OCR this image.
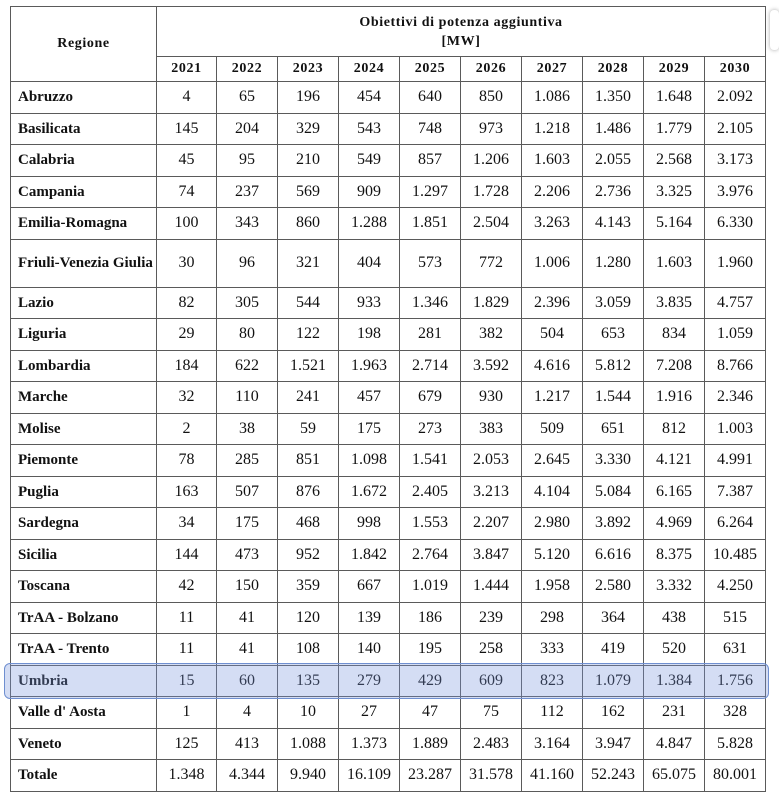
Regione	Obiettivi di potenza aggiuntiva
[MW]									

	2021	2022	2023	2024	2025	2026	2027	2028	2029	2030
Abruzzo	4	65	196	454	640	850	1.086	1.350	1.648	2.092
Basilicata	145	204	329	543	748	973	1.218	1.486	1.779	2.105
Calabria	45	95	210	549	857	1.206	1.603	2.055	2.568	3.173
Campania	74	237	569	909	1.297	1.728	2.206	2.736	3.325	3.976
Emilia-Romagna	100	343	860	1.288	1.851	2.504	3.263	4.143	5.164	6.330
Friuli-Venezia Giulia	30	96	321	404	573	772	1.006	1.280	1.603	1.960
Lazio	82	305	544	933	1.346	1.829	2.396	3.059	3.835	4.757
Liguria	29	80	122	198	281	382	504	653	834	1.059
Lombardia	184	622	1.521	1.963	2.714	3.592	4.616	5.812	7.208	8.766
Marche	32	110	241	457	679	930	1.217	1.544	1.916	2.346
Molise	2	38	59	175	273	383	509	651	812	1.003
Piemonte	78	285	851	1.098	1.541	2.053	2.645	3.330	4.121	4.991
Puglia	163	507	876	1.672	2.405	3.213	4.104	5.084	6.165	7.387
Sardegna	34	175	468	998	1.553	2.207	2.980	3.892	4.969	6.264
Sicilia	144	473	952	1.842	2.764	3.847	5.120	6.616	8.375	10.485
Toscana	42	150	359	667	1.019	1.444	1.958	2.580	3.332	4.250
TrAA - Bolzano	11	41	120	139	186	239	298	364	438	515
TrAA - Trento	11	41	108	140	195	258	333	419	520	631
Umbria	15	60	135	279	429	609	823	1.079	1.384	1.756
Valle d' Aosta	1	4	10	27	47	75	112	162	231	328
Veneto	125	413	1.088	1.373	1.889	2.483	3.164	3.947	4.847	5.828
Totale	1.348	4.344	9.940	16.109	23.287	31.578	41.160	52.243	65.075	80.001
